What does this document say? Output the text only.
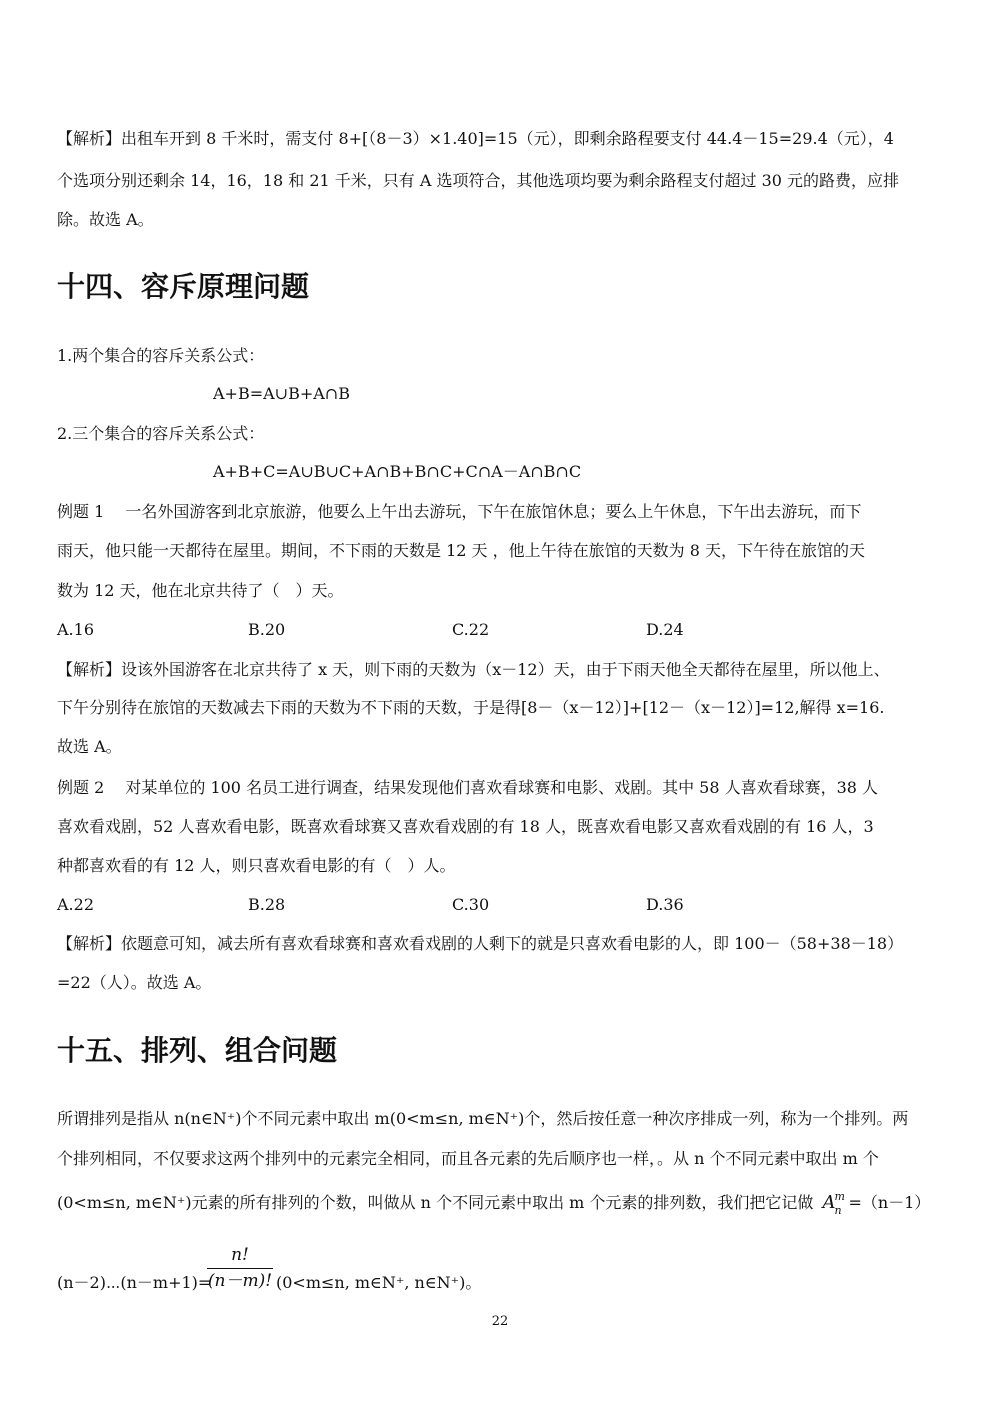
【解析】出租车开到 8 千米时，需支付 8+[（8－3）×1.40]=15（元），即剩余路程要支付 44.4－15=29.4（元），4
个选项分别还剩余 14，16，18 和 21 千米，只有 A 选项符合，其他选项均要为剩余路程支付超过 30 元的路费，应排
除。故选 A。
十四、容斥原理问题
1.两个集合的容斥关系公式：
A+B=A∪B+A∩B
2.三个集合的容斥关系公式：
A+B+C=A∪B∪C+A∩B+B∩C+C∩A－A∩B∩C
例题 1　 一名外国游客到北京旅游，他要么上午出去游玩，下午在旅馆休息；要么上午休息，下午出去游玩，而下
雨天，他只能一天都待在屋里。期间，不下雨的天数是 12 天 ，他上午待在旅馆的天数为 8 天，下午待在旅馆的天
数为 12 天，他在北京共待了（　）天。
A.16	B.20	C.22	D.24
【解析】设该外国游客在北京共待了 x 天，则下雨的天数为（x－12）天，由于下雨天他全天都待在屋里，所以他上、
下午分别待在旅馆的天数减去下雨的天数为不下雨的天数，于是得[8－（x－12）]+[12－（x－12）]=12,解得 x=16.
故选 A。
例题 2　 对某单位的 100 名员工进行调查，结果发现他们喜欢看球赛和电影、戏剧。其中 58 人喜欢看球赛，38 人
喜欢看戏剧，52 人喜欢看电影，既喜欢看球赛又喜欢看戏剧的有 18 人，既喜欢看电影又喜欢看戏剧的有 16 人，3
种都喜欢看的有 12 人，则只喜欢看电影的有（　）人。
A.22	B.28	C.30	D.36
【解析】依题意可知，减去所有喜欢看球赛和喜欢看戏剧的人剩下的就是只喜欢看电影的人，即 100－（58+38－18）
=22（人）。故选 A。
十五、排列、组合问题
所谓排列是指从 n(n∈N⁺)个不同元素中取出 m(0<m≤n, m∈N⁺)个，然后按任意一种次序排成一列，称为一个排列。两
个排列相同，不仅要求这两个排列中的元素完全相同，而且各元素的先后顺序也一样，。从 n 个不同元素中取出 m 个
(0<m≤n, m∈N⁺)元素的所有排列的个数，叫做从 n 个不同元素中取出 m 个元素的排列数，我们把它记做 A m
n =（n－1）
(n－2)⋯(n－m+1)=
n!
(n－m)! (0<m≤n, m∈N⁺, n∈N⁺)。
22
